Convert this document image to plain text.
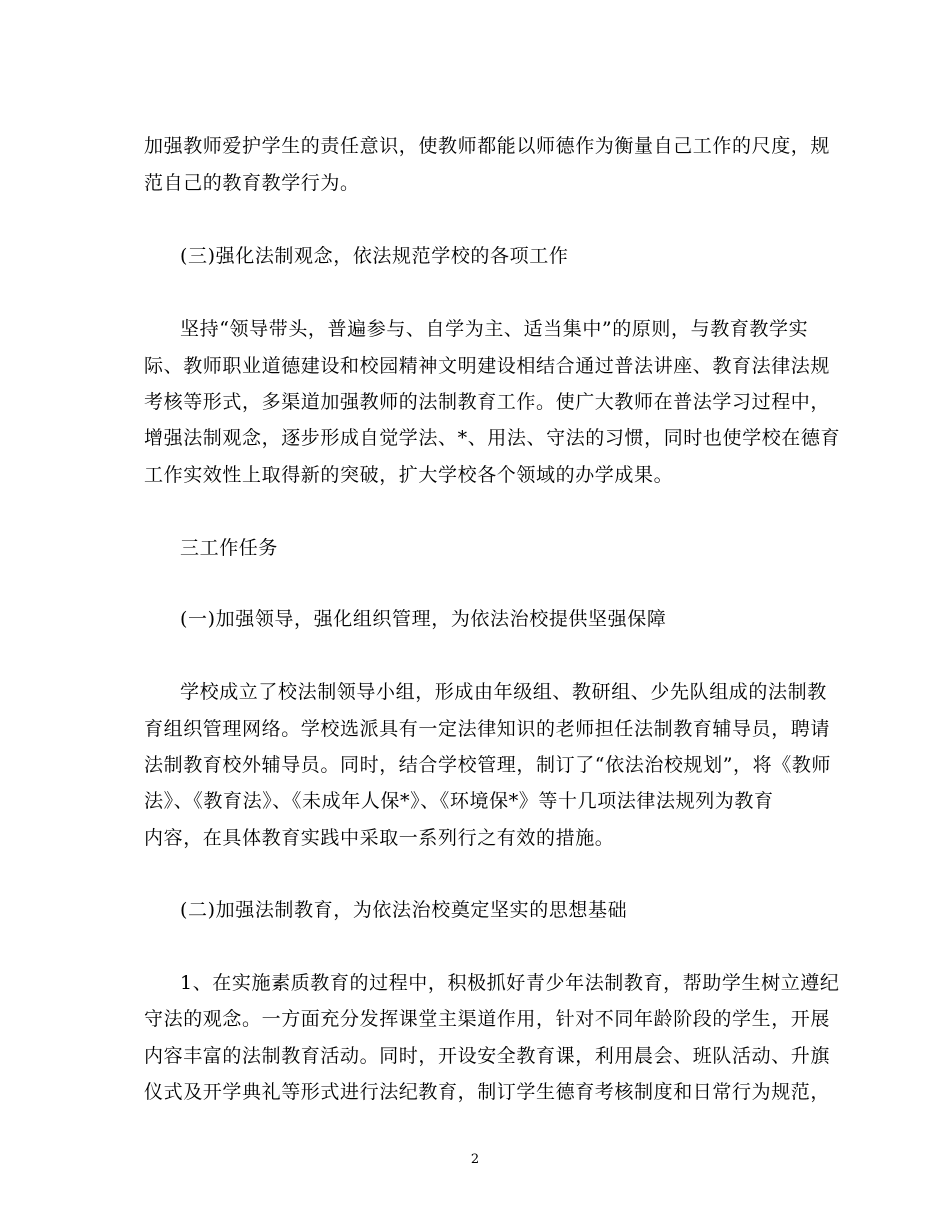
加强教师爱护学生的责任意识，使教师都能以师德作为衡量自己工作的尺度，规
范自己的教育教学行为。
(三)强化法制观念，依法规范学校的各项工作
坚持“领导带头，普遍参与、自学为主、适当集中”的原则，与教育教学实
际、教师职业道德建设和校园精神文明建设相结合通过普法讲座、教育法律法规
考核等形式，多渠道加强教师的法制教育工作。使广大教师在普法学习过程中，
增强法制观念，逐步形成自觉学法、*、用法、守法的习惯，同时也使学校在德育
工作实效性上取得新的突破，扩大学校各个领域的办学成果。
三工作任务
(一)加强领导，强化组织管理，为依法治校提供坚强保障
学校成立了校法制领导小组，形成由年级组、教研组、少先队组成的法制教
育组织管理网络。学校选派具有一定法律知识的老师担任法制教育辅导员，聘请
法制教育校外辅导员。同时，结合学校管理，制订了“依法治校规划”，将《教师
法》、《教育法》、《未成年人保*》、《环境保*》等十几项法律法规列为教育
内容，在具体教育实践中采取一系列行之有效的措施。
(二)加强法制教育，为依法治校奠定坚实的思想基础
1、在实施素质教育的过程中，积极抓好青少年法制教育，帮助学生树立遵纪
守法的观念。一方面充分发挥课堂主渠道作用，针对不同年龄阶段的学生，开展
内容丰富的法制教育活动。同时，开设安全教育课，利用晨会、班队活动、升旗
仪式及开学典礼等形式进行法纪教育，制订学生德育考核制度和日常行为规范，
2
